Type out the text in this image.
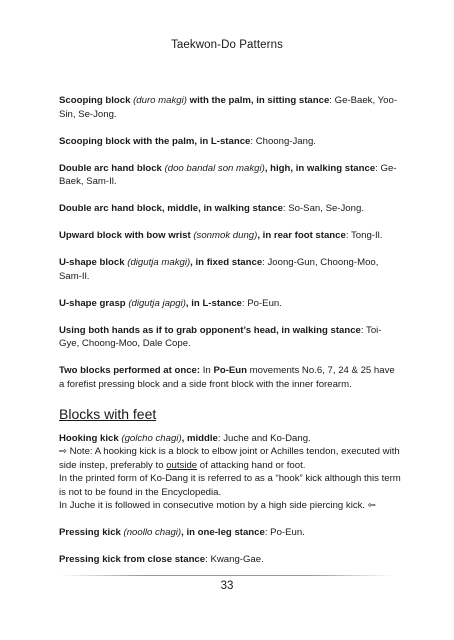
Taekwon-Do Patterns

Scooping block (duro makgi) with the palm, in sitting stance: Ge-Baek, Yoo-Sin, Se-Jong.

Scooping block with the palm, in L-stance: Choong-Jang.

Double arc hand block (doo bandal son makgi), high, in walking stance: Ge-Baek, Sam-Il.

Double arc hand block, middle, in walking stance: So-San, Se-Jong.

Upward block with bow wrist (sonmok dung), in rear foot stance: Tong-Il.

U-shape block (digutja makgi), in fixed stance: Joong-Gun, Choong-Moo, Sam-Il.

U-shape grasp (digutja japgi), in L-stance: Po-Eun.

Using both hands as if to grab opponent’s head, in walking stance: Toi-Gye, Choong-Moo, Dale Cope.

Two blocks performed at once: In Po-Eun movements No.6, 7, 24 & 25 have a forefist pressing block and a side front block with the inner forearm.

Blocks with feet

Hooking kick (golcho chagi), middle: Juche and Ko-Dang.
⇨ Note: A hooking kick is a block to elbow joint or Achilles tendon, executed with side instep, preferably to outside of attacking hand or foot.
In the printed form of Ko-Dang it is referred to as a “hook” kick although this term is not to be found in the Encyclopedia.
In Juche it is followed in consecutive motion by a high side piercing kick. ⇦

Pressing kick (noollo chagi), in one-leg stance: Po-Eun.

Pressing kick from close stance: Kwang-Gae.

33
